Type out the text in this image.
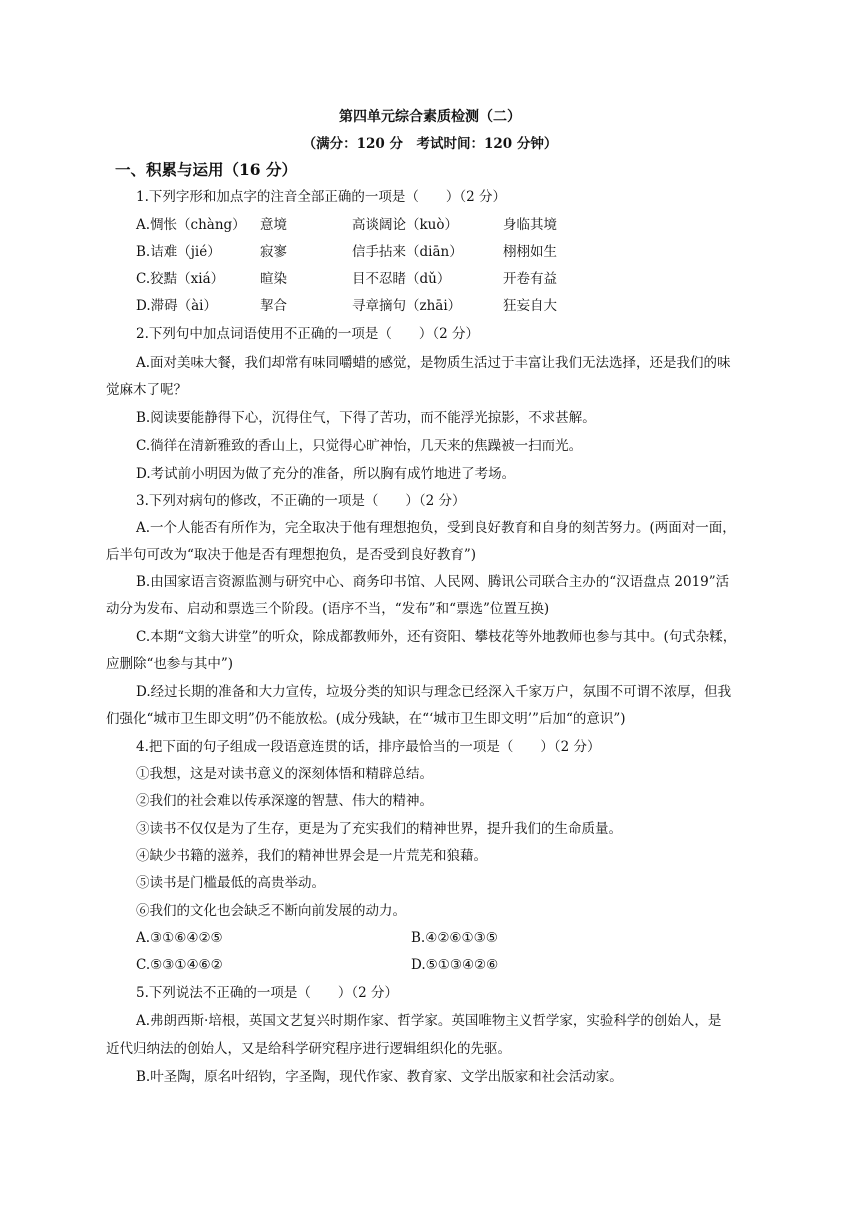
第四单元综合素质检测（二）
（满分：120 分　考试时间：120 分钟）
一、积累与运用（16 分）
1.下列字形和加点字的注音全部正确的一项是（　　）（2 分）
A.惆怅（chàng） 意境	高谈阔论（kuò）	身临其境
B.诘难（jié）	寂寥	信手拈来（diān）	栩栩如生
C.狡黠（xiá）	暄染	目不忍睹（dǔ）	开卷有益
D.滞碍（ài）	挈合	寻章摘句（zhāi）	狂妄自大
2.下列句中加点词语使用不正确的一项是（　　）（2 分）
A.面对美味大餐，我们却常有味同嚼蜡的感觉，是物质生活过于丰富让我们无法选择，还是我们的味
觉麻木了呢？
B.阅读要能静得下心，沉得住气，下得了苦功，而不能浮光掠影，不求甚解。
C.徜徉在清新雅致的香山上，只觉得心旷神怡，几天来的焦躁被一扫而光。
D.考试前小明因为做了充分的准备，所以胸有成竹地进了考场。
3.下列对病句的修改，不正确的一项是（　　）（2 分）
A.一个人能否有所作为，完全取决于他有理想抱负，受到良好教育和自身的刻苦努力。(两面对一面，
后半句可改为“取决于他是否有理想抱负，是否受到良好教育”)
B.由国家语言资源监测与研究中心、商务印书馆、人民网、腾讯公司联合主办的“汉语盘点 2019”活
动分为发布、启动和票选三个阶段。(语序不当，“发布”和“票选”位置互换)
C.本期“文翁大讲堂”的听众，除成都教师外，还有资阳、攀枝花等外地教师也参与其中。(句式杂糅，
应删除“也参与其中”)
D.经过长期的准备和大力宣传，垃圾分类的知识与理念已经深入千家万户，氛围不可谓不浓厚，但我
们强化“城市卫生即文明”仍不能放松。(成分残缺，在“‘城市卫生即文明’”后加“的意识”)
4.把下面的句子组成一段语意连贯的话，排序最恰当的一项是（　　）（2 分）
①我想，这是对读书意义的深刻体悟和精辟总结。
②我们的社会难以传承深邃的智慧、伟大的精神。
③读书不仅仅是为了生存，更是为了充实我们的精神世界，提升我们的生命质量。
④缺少书籍的滋养，我们的精神世界会是一片荒芜和狼藉。
⑤读书是门槛最低的高贵举动。
⑥我们的文化也会缺乏不断向前发展的动力。
A.③①⑥④②⑤	B.④②⑥①③⑤
C.⑤③①④⑥②	D.⑤①③④②⑥
5.下列说法不正确的一项是（　　）（2 分）
A.弗朗西斯·培根，英国文艺复兴时期作家、哲学家。英国唯物主义哲学家，实验科学的创始人，是
近代归纳法的创始人，又是给科学研究程序进行逻辑组织化的先驱。
B.叶圣陶，原名叶绍钧，字圣陶，现代作家、教育家、文学出版家和社会活动家。
